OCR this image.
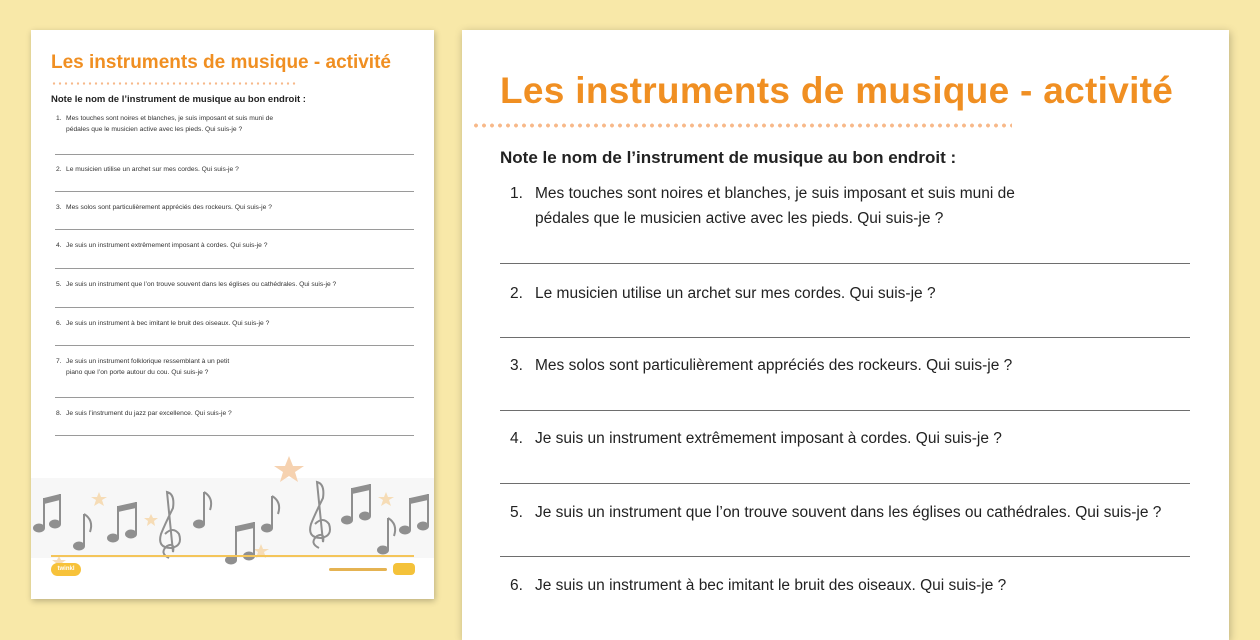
Les instruments de musique - activité
Note le nom de l’instrument de musique au bon endroit :
1. Mes touches sont noires et blanches, je suis imposant et suis muni de
pédales que le musicien active avec les pieds. Qui suis-je ?
2. Le musicien utilise un archet sur mes cordes. Qui suis-je ?
3. Mes solos sont particulièrement appréciés des rockeurs. Qui suis-je ?
4. Je suis un instrument extrêmement imposant à cordes. Qui suis-je ?
5. Je suis un instrument que l’on trouve souvent dans les églises ou cathédrales. Qui suis-je ?
6. Je suis un instrument à bec imitant le bruit des oiseaux. Qui suis-je ?
7. Je suis un instrument folklorique ressemblant à un petit
piano que l’on porte autour du cou. Qui suis-je ?
8. Je suis l’instrument du jazz par excellence. Qui suis-je ?
twinkl
Les instruments de musique - activité
Note le nom de l’instrument de musique au bon endroit :
1. Mes touches sont noires et blanches, je suis imposant et suis muni de
pédales que le musicien active avec les pieds. Qui suis-je ?
2. Le musicien utilise un archet sur mes cordes. Qui suis-je ?
3. Mes solos sont particulièrement appréciés des rockeurs. Qui suis-je ?
4. Je suis un instrument extrêmement imposant à cordes. Qui suis-je ?
5. Je suis un instrument que l’on trouve souvent dans les églises ou cathédrales. Qui suis-je ?
6. Je suis un instrument à bec imitant le bruit des oiseaux. Qui suis-je ?
